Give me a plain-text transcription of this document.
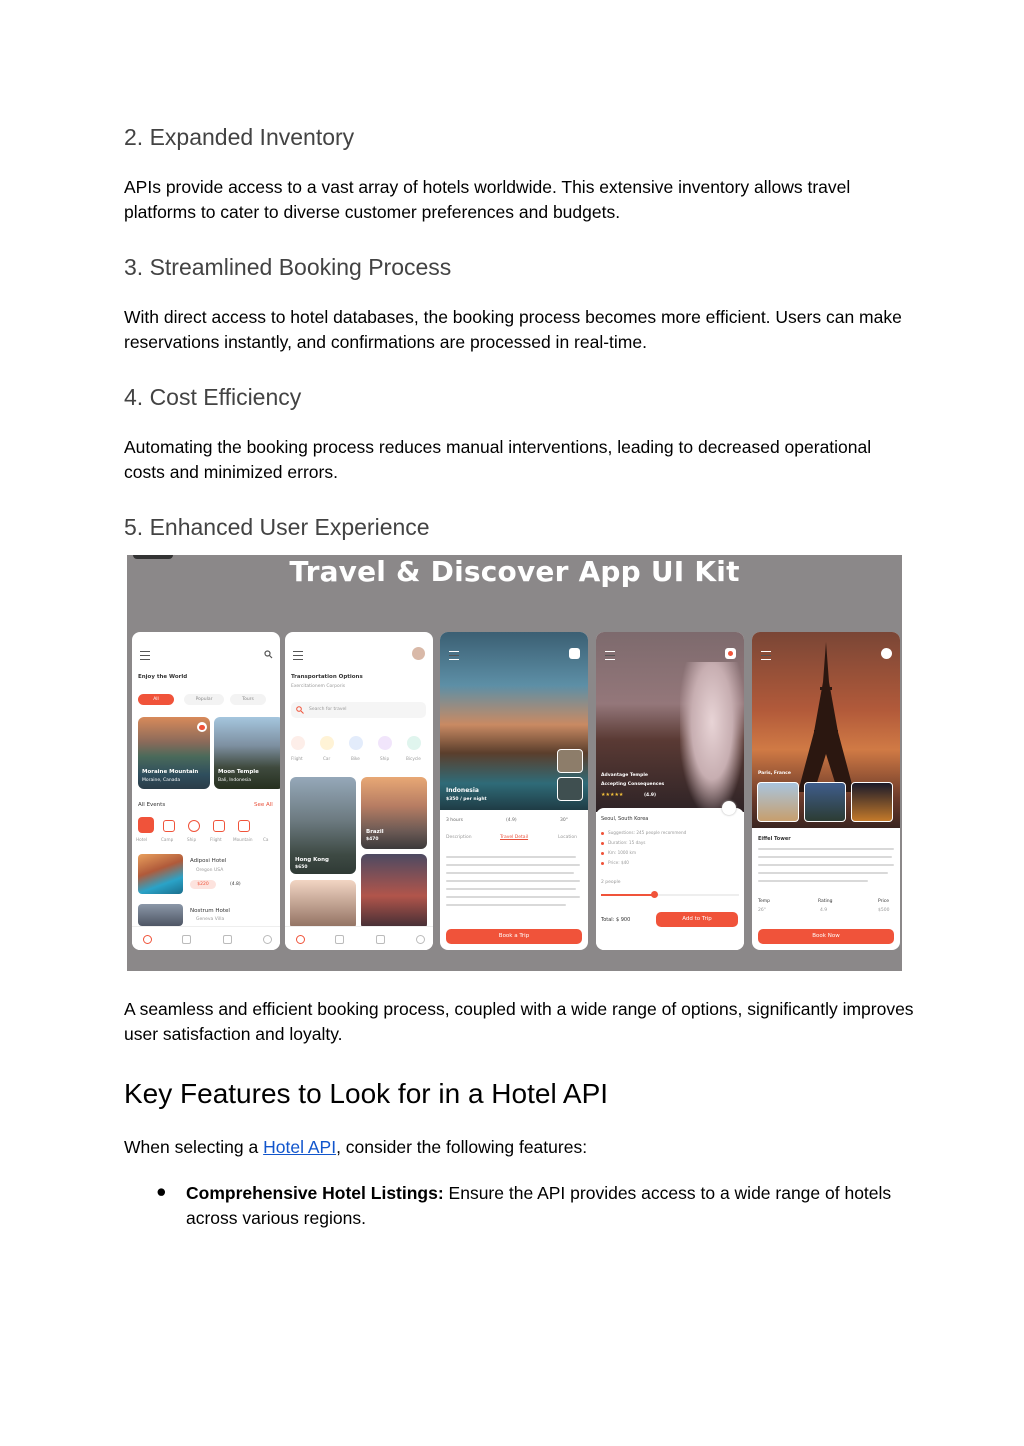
2. Expanded Inventory

APIs provide access to a vast array of hotels worldwide. This extensive inventory allows travel platforms to cater to diverse customer preferences and budgets.

3. Streamlined Booking Process

With direct access to hotel databases, the booking process becomes more efficient. Users can make reservations instantly, and confirmations are processed in real-time.

4. Cost Efficiency

Automating the booking process reduces manual interventions, leading to decreased operational costs and minimized errors.

5. Enhanced User Experience
Travel & Discover App UI Kit
Enjoy the World
All	Popular	Tours
Moraine Mountain
Moraine, Canada
Moon Temple
Bali, Indonesia
All Events	See All
Hotel	Camp	Ship	Flight	Mountain Ca
Adiposi Hotel
Oregon USA
$220	(4.8)
Nostrum Hotel
Geneva Villa
Transportation Options
Exercitationem Corporis
Search for travel
Flight	Car	Bike	Ship	Bicycle
Hong Kong
$650
Brazil
$470
Indonesia
$350 / per night
3 hours	(4.9)	30°
Description	Travel Detail	Location
Book a Trip
Advantage Temple
Accepting Consequences
★★★★★	(4.9)
Seoul, South Korea
Suggestions: 245 people recommend
Duration: 15 days
Km: 1000 km
Price: $40
2 people
Total: $ 900	Add to Trip
Paris, France
Eiffel Tower
Temp	Rating	Price
26°	4.9	$500
Book Now

A seamless and efficient booking process, coupled with a wide range of options, significantly improves user satisfaction and loyalty.

Key Features to Look for in a Hotel API

When selecting a Hotel API, consider the following features:

● Comprehensive Hotel Listings: Ensure the API provides access to a wide range of hotels across various regions.
